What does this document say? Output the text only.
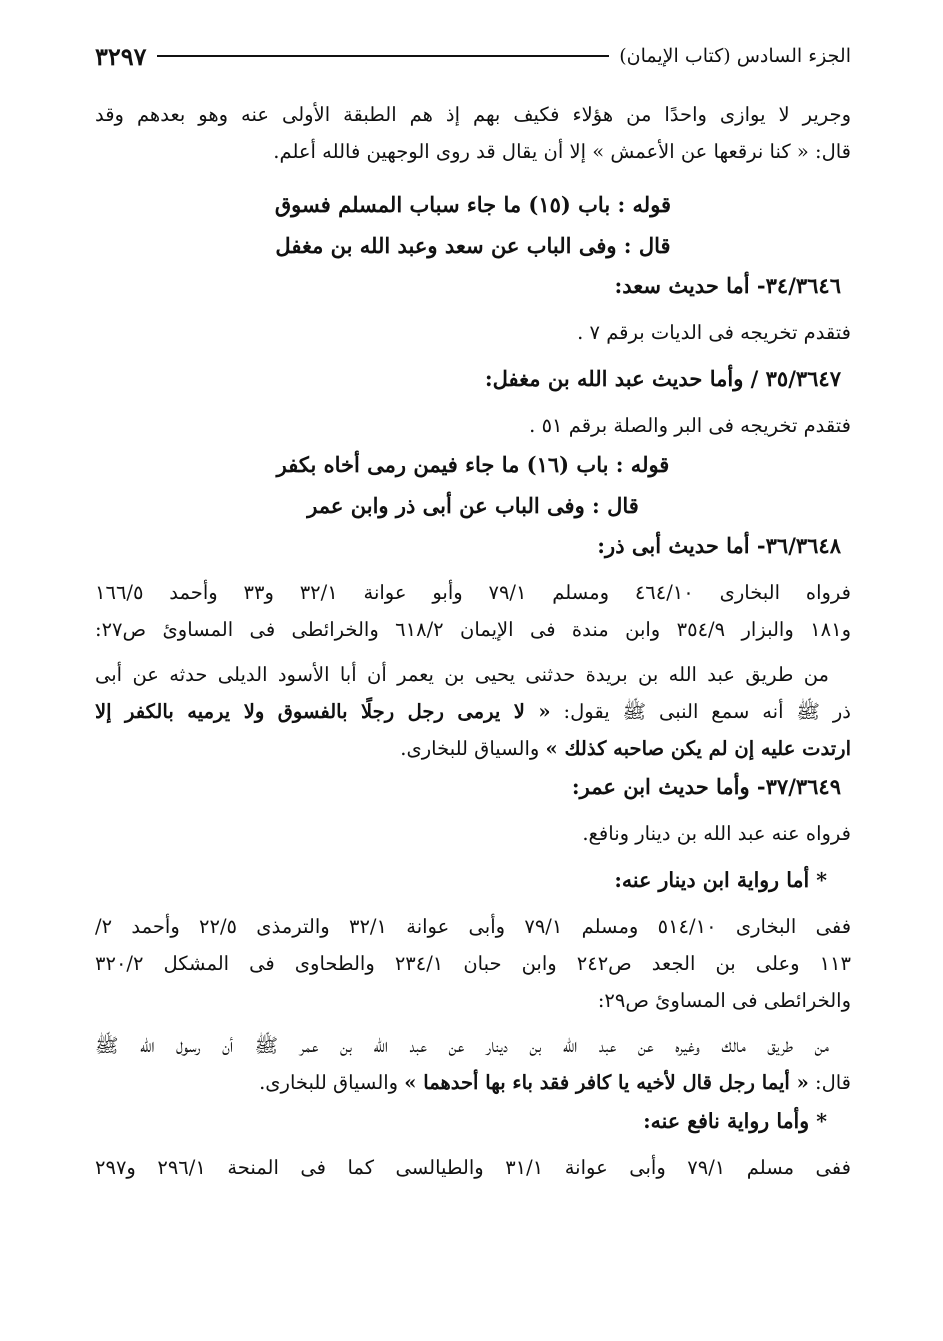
الجزء السادس (كتاب الإيمان)
٣٢٩٧

وجرير لا يوازى واحدًا من هؤلاء فكيف بهم إذ هم الطبقة الأولى عنه وهو بعدهم وقد

قال: « كنا نرقعها عن الأعمش » إلا أن يقال قد روى الوجهين فالله أعلم.

قوله : باب (١٥) ما جاء سباب المسلم فسوق

قال : وفى الباب عن سعد وعبد الله بن مغفل

٣٤/٣٦٤٦- أما حديث سعد:

فتقدم تخريجه فى الديات برقم ٧ .

٣٥/٣٦٤٧ / وأما حديث عبد الله بن مغفل:

فتقدم تخريجه فى البر والصلة برقم ٥١ .

قوله : باب (١٦) ما جاء فيمن رمى أخاه بكفر

قال : وفى الباب عن أبى ذر وابن عمر

٣٦/٣٦٤٨- أما حديث أبى ذر:

فرواه البخارى ٤٦٤/١٠ ومسلم ٧٩/١ وأبو عوانة ٣٢/١ و٣٣ وأحمد ١٦٦/٥

و١٨١ والبزار ٣٥٤/٩ وابن مندة فى الإيمان ٦١٨/٢ والخرائطى فى المساوئ ص٢٧:

من طريق عبد الله بن بريدة حدثنى يحيى بن يعمر أن أبا الأسود الديلى حدثه عن أبى

ذر ﷺ أنه سمع النبى ﷺ يقول: « لا يرمى رجل رجلًا بالفسوق ولا يرميه بالكفر إلا

ارتدت عليه إن لم يكن صاحبه كذلك » والسياق للبخارى.

٣٧/٣٦٤٩- وأما حديث ابن عمر:

فرواه عنه عبد الله بن دينار ونافع.

* أما رواية ابن دينار عنه:

ففى البخارى ٥١٤/١٠ ومسلم ٧٩/١ وأبى عوانة ٣٢/١ والترمذى ٢٢/٥ وأحمد ٢/

١١٣ وعلى بن الجعد ص٢٤٢ وابن حبان ٢٣٤/١ والطحاوى فى المشكل ٣٢٠/٢

والخرائطى فى المساوئ ص٢٩:

من طريق مالك وغيره عن عبد الله بن دينار عن عبد الله بن عمر ﷺ أن رسول الله ﷺ

قال: « أيما رجل قال لأخيه يا كافر فقد باء بها أحدهما » والسياق للبخارى.

* وأما رواية نافع عنه:

ففى مسلم ٧٩/١ وأبى عوانة ٣١/١ والطيالسى كما فى المنحة ٢٩٦/١ و٢٩٧
